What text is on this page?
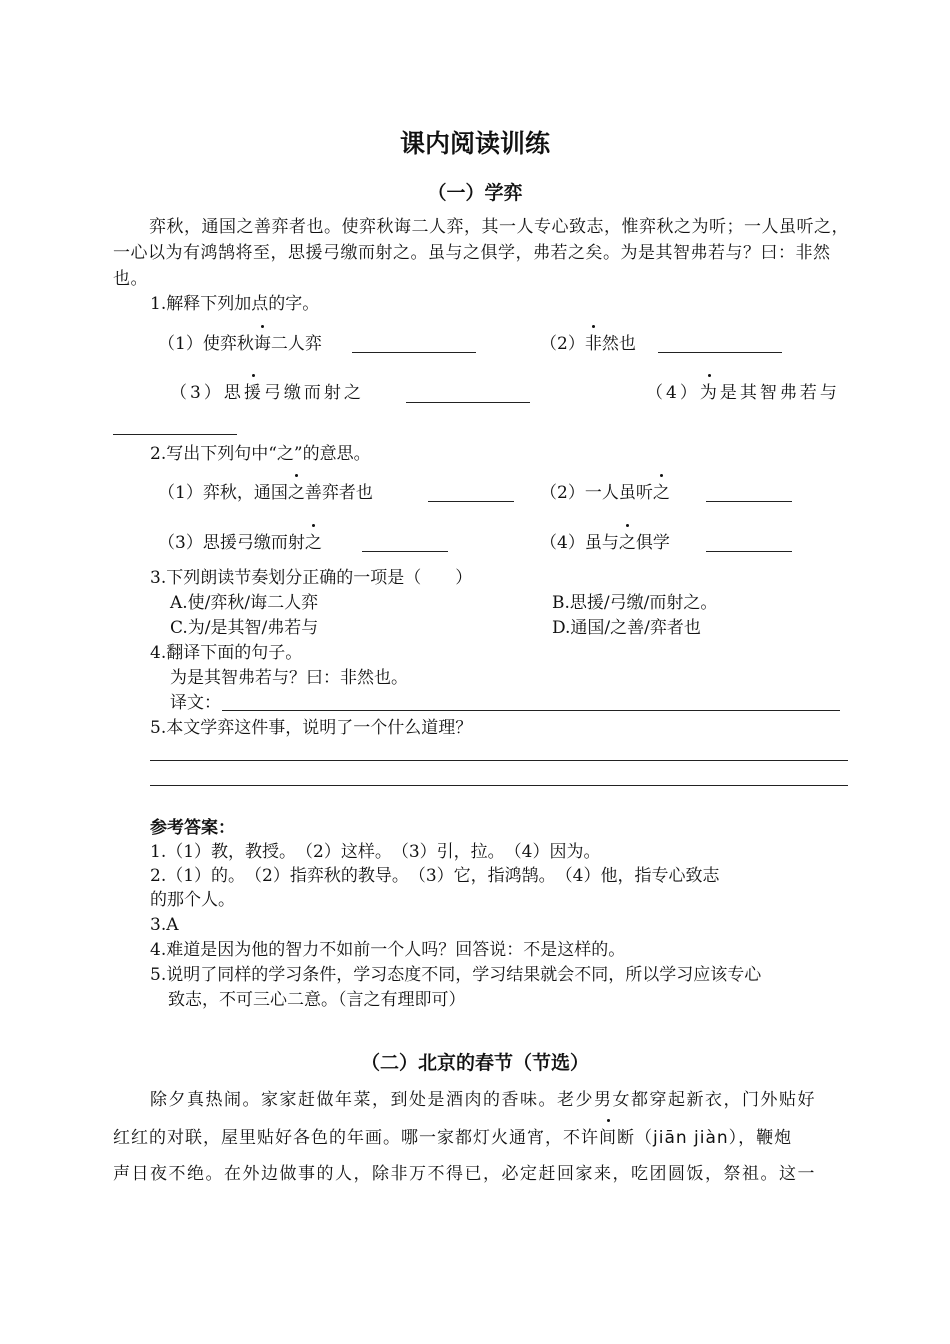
课内阅读训练
（一）学弈
弈秋，通国之善弈者也。使弈秋诲二人弈，其一人专心致志，惟弈秋之为听；一人虽听之，一心以为有鸿鹄将至，思援弓缴而射之。虽与之俱学，弗若之矣。为是其智弗若与？曰：非然也。
1.解释下列加点的字。
（1）使弈秋诲二人弈	（2）非然也
（3）思援弓缴而射之	（4）为是其智弗若与
2.写出下列句中“之”的意思。
（1）弈秋，通国之善弈者也	（2）一人虽听之
（3）思援弓缴而射之	（4）虽与之俱学
3.下列朗读节奏划分正确的一项是（　　）
A.使/弈秋/诲二人弈	B.思援/弓缴/而射之。
C.为/是其智/弗若与	D.通国/之善/弈者也
4.翻译下面的句子。
为是其智弗若与？曰：非然也。
译文：
5.本文学弈这件事，说明了一个什么道理？
参考答案：
1.（1）教，教授。　（2）这样。　（3）引，拉。　（4）因为。
2.（1）的。　（2）指弈秋的教导。　（3）它，指鸿鹄。　（4）他，指专心致志
的那个人。
3.A
4.难道是因为他的智力不如前一个人吗？回答说：不是这样的。
5.说明了同样的学习条件，学习态度不同，学习结果就会不同，所以学习应该专心
致志，不可三心二意。（言之有理即可）
（二）北京的春节（节选）
除夕真热闹。家家赶做年菜，到处是酒肉的香味。老少男女都穿起新衣，门外贴好
红红的对联，屋里贴好各色的年画。哪一家都灯火通宵，不许间断（jiān jiàn），鞭炮
声日夜不绝。在外边做事的人，除非万不得已，必定赶回家来，吃团圆饭，祭祖。这一
